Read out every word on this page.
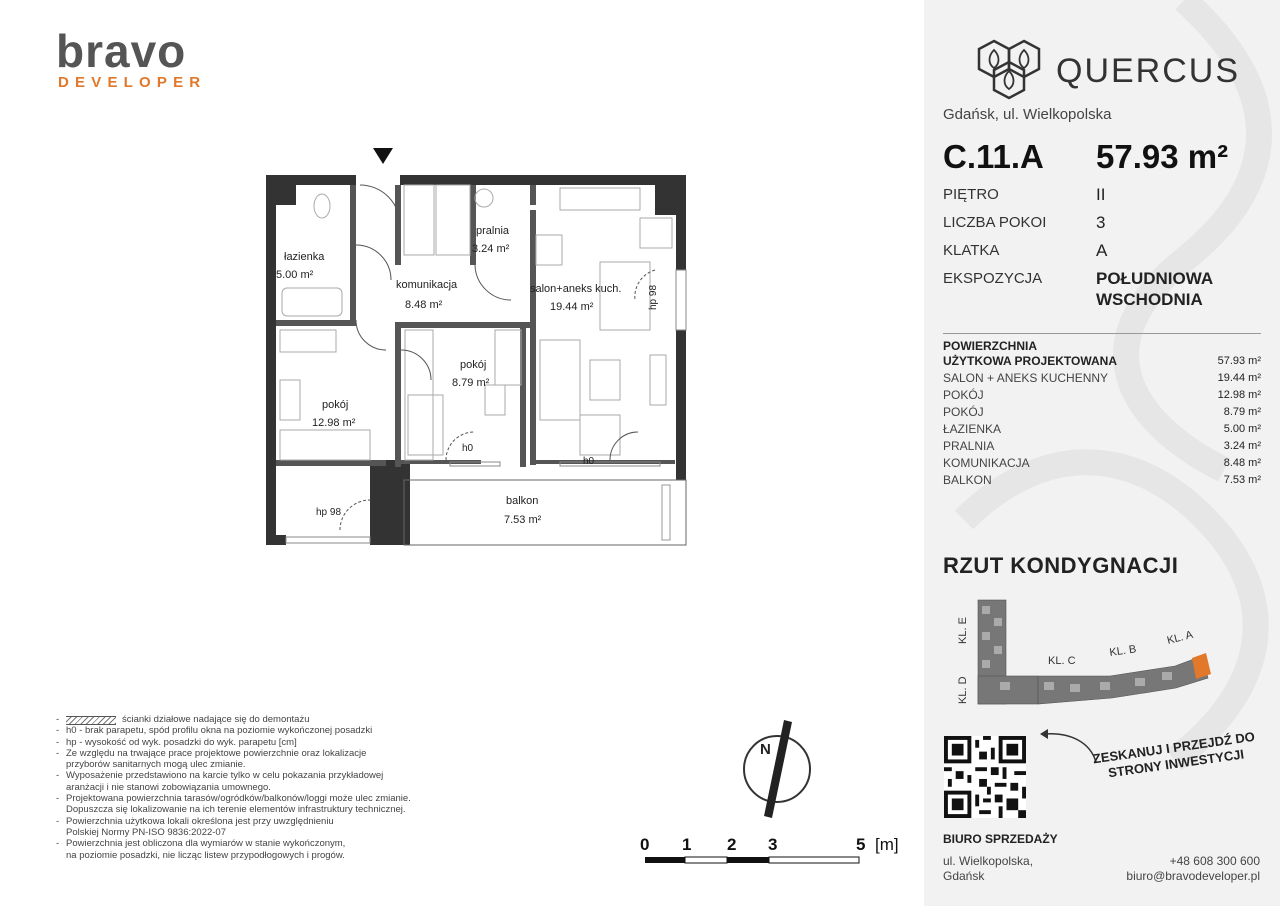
bravo
DEVELOPER
łazienka
5.00 m²
pralnia
3.24 m²
komunikacja
8.48 m²
salon+aneks kuch.
19.44 m²
pokój
12.98 m²
pokój
8.79 m²
balkon
7.53 m²
hp 98
hp 98
h0
h0
-	ścianki działowe nadające się do demontażu
- h0 - brak parapetu, spód profilu okna na poziomie wykończonej posadzki
- hp - wysokość od wyk. posadzki do wyk. parapetu [cm]
- Ze względu na trwające prace projektowe powierzchnie oraz lokalizacje
przyborów sanitarnych mogą ulec zmianie.
- Wyposażenie przedstawiono na karcie tylko w celu pokazania przykładowej
aranżacji i nie stanowi zobowiązania umownego.
- Projektowana powierzchnia tarasów/ogródków/balkonów/loggi może ulec zmianie.
Dopuszcza się lokalizowanie na ich terenie elementów infrastruktury technicznej.
- Powierzchnia użytkowa lokali określona jest przy uwzględnieniu
Polskiej Normy PN-ISO 9836:2022-07
- Powierzchnia jest obliczona dla wymiarów w stanie wykończonym,
na poziomie posadzki, nie licząc listew przypodłogowych i progów.
N
0 1 2 3	5 [m]
QUERCUS
Gdańsk, ul. Wielkopolska
C.11.A 57.93 m²
PIĘTRO	II
LICZBA POKOI	3
KLATKA	A
EKSPOZYCJA	POŁUDNIOWA
WSCHODNIA
POWIERZCHNIA
UŻYTKOWA PROJEKTOWANA	57.93 m²
SALON + ANEKS KUCHENNY	19.44 m²
POKÓJ	12.98 m²
POKÓJ	8.79 m²
ŁAZIENKA	5.00 m²
PRALNIA	3.24 m²
KOMUNIKACJA	8.48 m²
BALKON	7.53 m²
RZUT KONDYGNACJI
KL. E
KL. D
KL. C
KL. B
KL. A
ZESKANUJ I PRZEJDŹ DO
STRONY INWESTYCJI
BIURO SPRZEDAŻY
ul. Wielkopolska,
Gdańsk
+48 608 300 600
biuro@bravodeveloper.pl
